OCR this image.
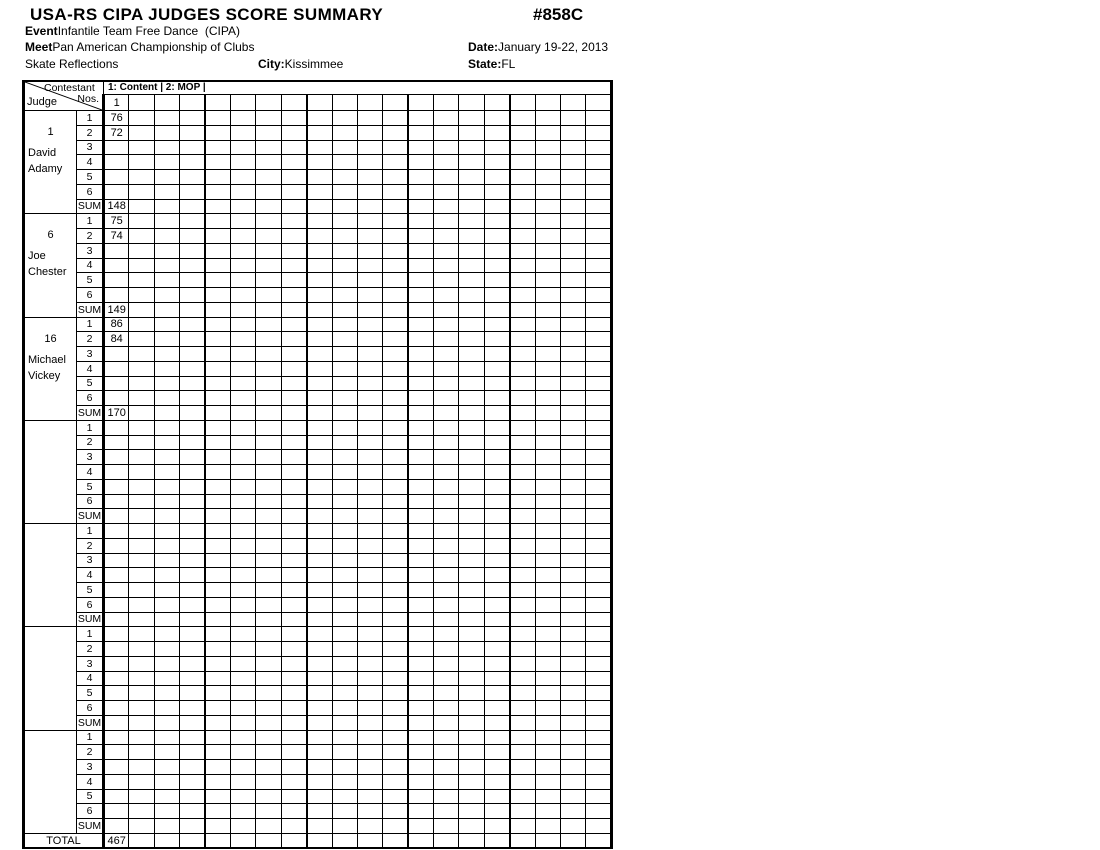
USA-RS CIPA JUDGES SCORE SUMMARY	#858C
EventInfantile Team Free Dance  (CIPA)
MeetPan American Championship of Clubs	Date:January 19-22, 2013
Skate Reflections	City:Kissimmee	State:FL
Contestant
Nos.
Judge		1: Content | 2: MOP |																			
		1																			

1
David
Adamy	1	76																			
	2	72																			
	3																				
	4																				
	5																				
	6																				
	SUM	148																			

6
Joe
Chester	1	75																			
	2	74																			
	3																				
	4																				
	5																				
	6																				
	SUM	149																			

16
Michael
Vickey	1	86																			
	2	84																			
	3																				
	4																				
	5																				
	6																				
	SUM	170																			

	1																				
	2																				
	3																				
	4																				
	5																				
	6																				
	SUM																				

	1																				
	2																				
	3																				
	4																				
	5																				
	6																				
	SUM																				

	1																				
	2																				
	3																				
	4																				
	5																				
	6																				
	SUM																				

	1																				
	2																				
	3																				
	4																				
	5																				
	6																				
	SUM																				
TOTAL		467																			
